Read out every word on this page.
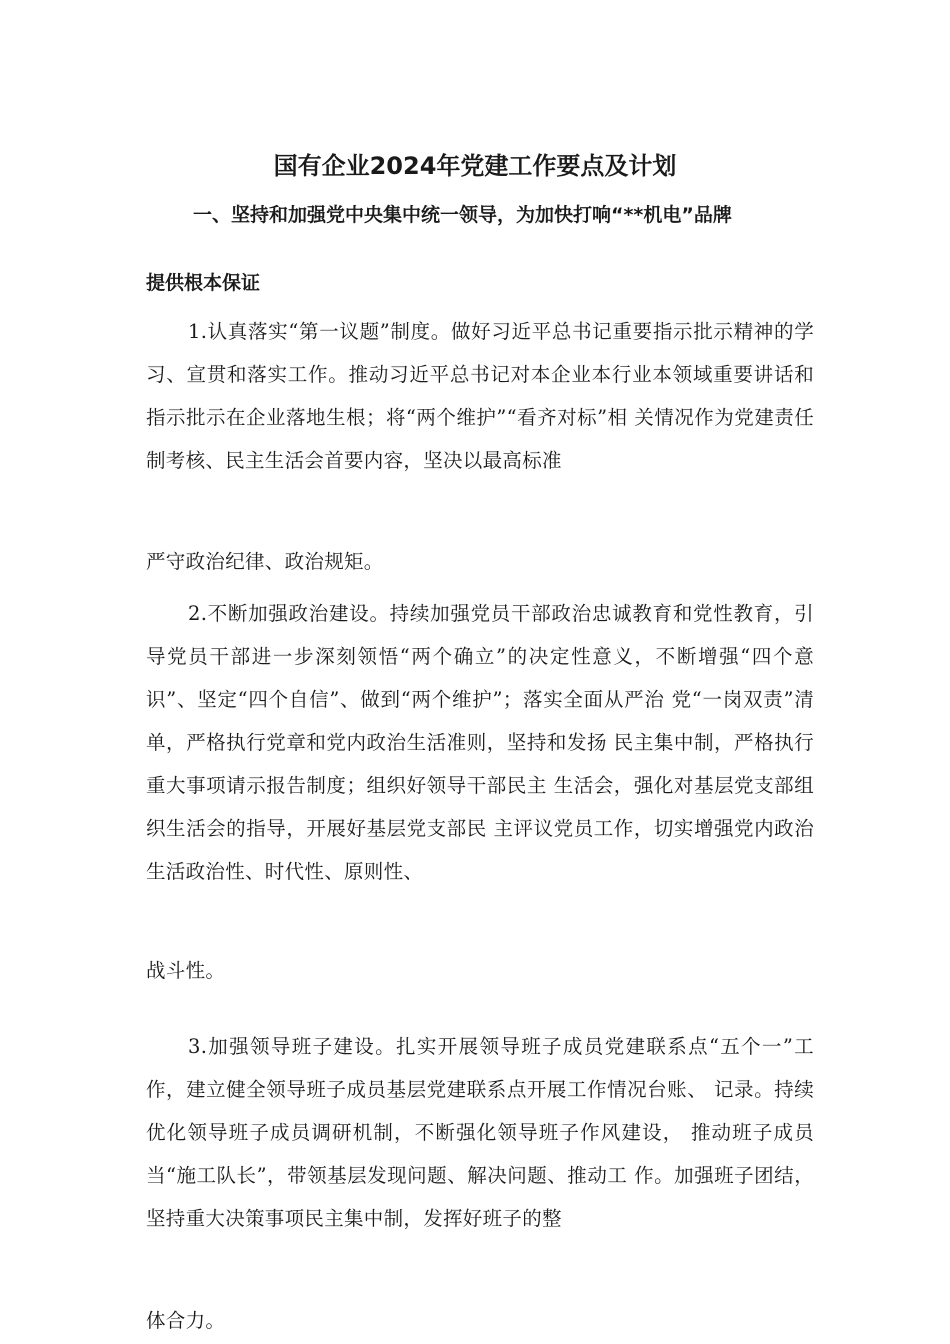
国有企业2024年党建工作要点及计划
一、坚持和加强党中央集中统一领导，为加快打响“**机电”品牌
提供根本保证
1.认真落实“第一议题”制度。做好习近平总书记重要指示批示精神的学习、宣贯和落实工作。推动习近平总书记对本企业本行业本领域重要讲话和指示批示在企业落地生根；将“两个维护”“看齐对标”相 关情况作为党建责任制考核、民主生活会首要内容，坚决以最高标准
严守政治纪律、政治规矩。
2.不断加强政治建设。持续加强党员干部政治忠诚教育和党性教育，引导党员干部进一步深刻领悟“两个确立”的决定性意义，不断增强“四个意识”、坚定“四个自信”、做到“两个维护”；落实全面从严治 党“一岗双责”清单，严格执行党章和党内政治生活准则，坚持和发扬 民主集中制，严格执行重大事项请示报告制度；组织好领导干部民主 生活会，强化对基层党支部组织生活会的指导，开展好基层党支部民 主评议党员工作，切实增强党内政治生活政治性、时代性、原则性、
战斗性。
3.加强领导班子建设。扎实开展领导班子成员党建联系点“五个一”工作，建立健全领导班子成员基层党建联系点开展工作情况台账、 记录。持续优化领导班子成员调研机制，不断强化领导班子作风建设， 推动班子成员当“施工队长”，带领基层发现问题、解决问题、推动工 作。加强班子团结，坚持重大决策事项民主集中制，发挥好班子的整
体合力。
